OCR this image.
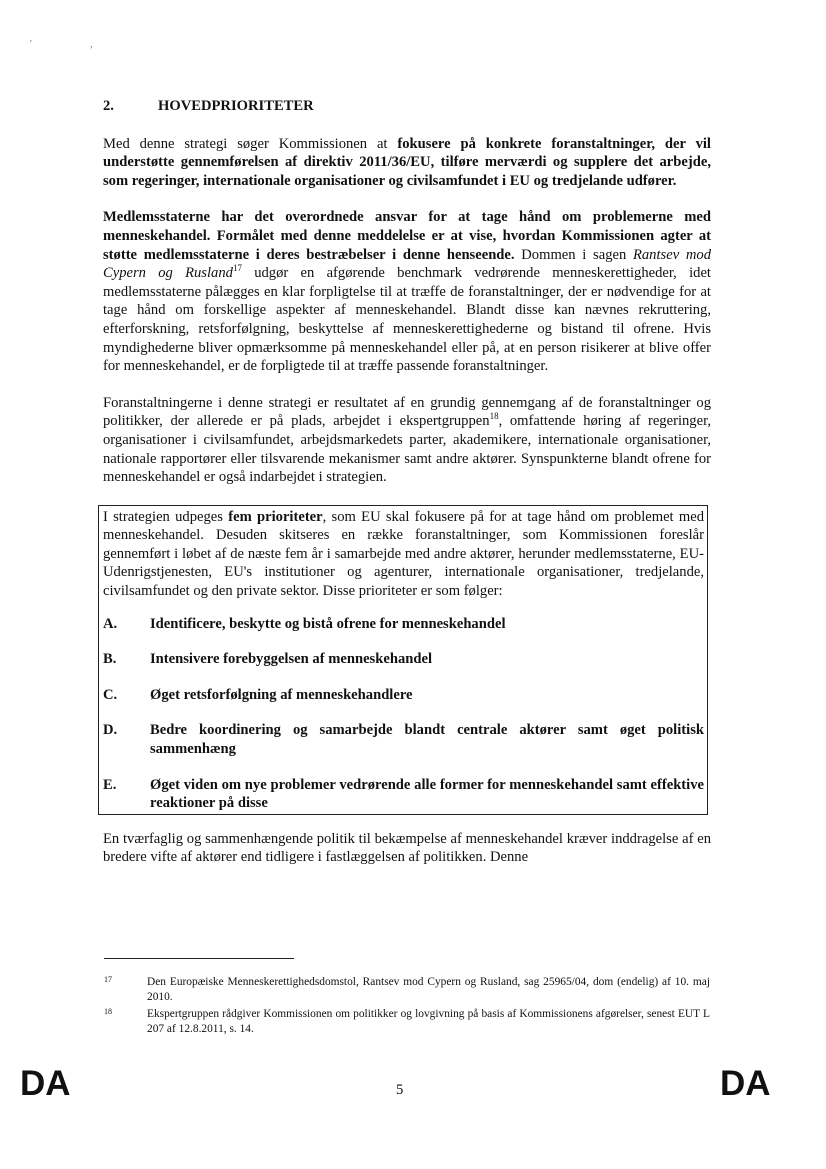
'	,
2.	HOVEDPRIORITETER

Med denne strategi søger Kommissionen at fokusere på konkrete foranstaltninger, der vil understøtte gennemførelsen af direktiv 2011/36/EU, tilføre merværdi og supplere det arbejde, som regeringer, internationale organisationer og civilsamfundet i EU og tredjelande udfører.

Medlemsstaterne har det overordnede ansvar for at tage hånd om problemerne med menneskehandel. Formålet med denne meddelelse er at vise, hvordan Kommissionen agter at støtte medlemsstaterne i deres bestræbelser i denne henseende. Dommen i sagen Rantsev mod Cypern og Rusland$^{17}$ udgør en afgørende benchmark vedrørende menneskerettigheder, idet medlemsstaterne pålægges en klar forpligtelse til at træffe de foranstaltninger, der er nødvendige for at tage hånd om forskellige aspekter af menneskehandel. Blandt disse kan nævnes rekruttering, efterforskning, retsforfølgning, beskyttelse af menneskerettighederne og bistand til ofrene. Hvis myndighederne bliver opmærksomme på menneskehandel eller på, at en person risikerer at blive offer for menneskehandel, er de forpligtede til at træffe passende foranstaltninger.

Foranstaltningerne i denne strategi er resultatet af en grundig gennemgang af de foranstaltninger og politikker, der allerede er på plads, arbejdet i ekspertgruppen$^{18}$, omfattende høring af regeringer, organisationer i civilsamfundet, arbejdsmarkedets parter, akademikere, internationale organisationer, nationale rapportører eller tilsvarende mekanismer samt andre aktører. Synspunkterne blandt ofrene for menneskehandel er også indarbejdet i strategien.

I strategien udpeges fem prioriteter, som EU skal fokusere på for at tage hånd om problemet med menneskehandel. Desuden skitseres en række foranstaltninger, som Kommissionen foreslår gennemført i løbet af de næste fem år i samarbejde med andre aktører, herunder medlemsstaterne, EU-Udenrigstjenesten, EU's institutioner og agenturer, internationale organisationer, tredjelande, civilsamfundet og den private sektor. Disse prioriteter er som følger:

A.	Identificere, beskytte og bistå ofrene for menneskehandel
B.	Intensivere forebyggelsen af menneskehandel
C.	Øget retsforfølgning af menneskehandlere
D.	Bedre koordinering og samarbejde blandt centrale aktører samt øget politisk sammenhæng
E.	Øget viden om nye problemer vedrørende alle former for menneskehandel samt effektive reaktioner på disse

En tværfaglig og sammenhængende politik til bekæmpelse af menneskehandel kræver inddragelse af en bredere vifte af aktører end tidligere i fastlæggelsen af politikken. Denne

17	Den Europæiske Menneskerettighedsdomstol, Rantsev mod Cypern og Rusland, sag 25965/04, dom (endelig) af 10. maj 2010.
18	Ekspertgruppen rådgiver Kommissionen om politikker og lovgivning på basis af Kommissionens afgørelser, senest EUT L 207 af 12.8.2011, s. 14.
DA	5	DA
